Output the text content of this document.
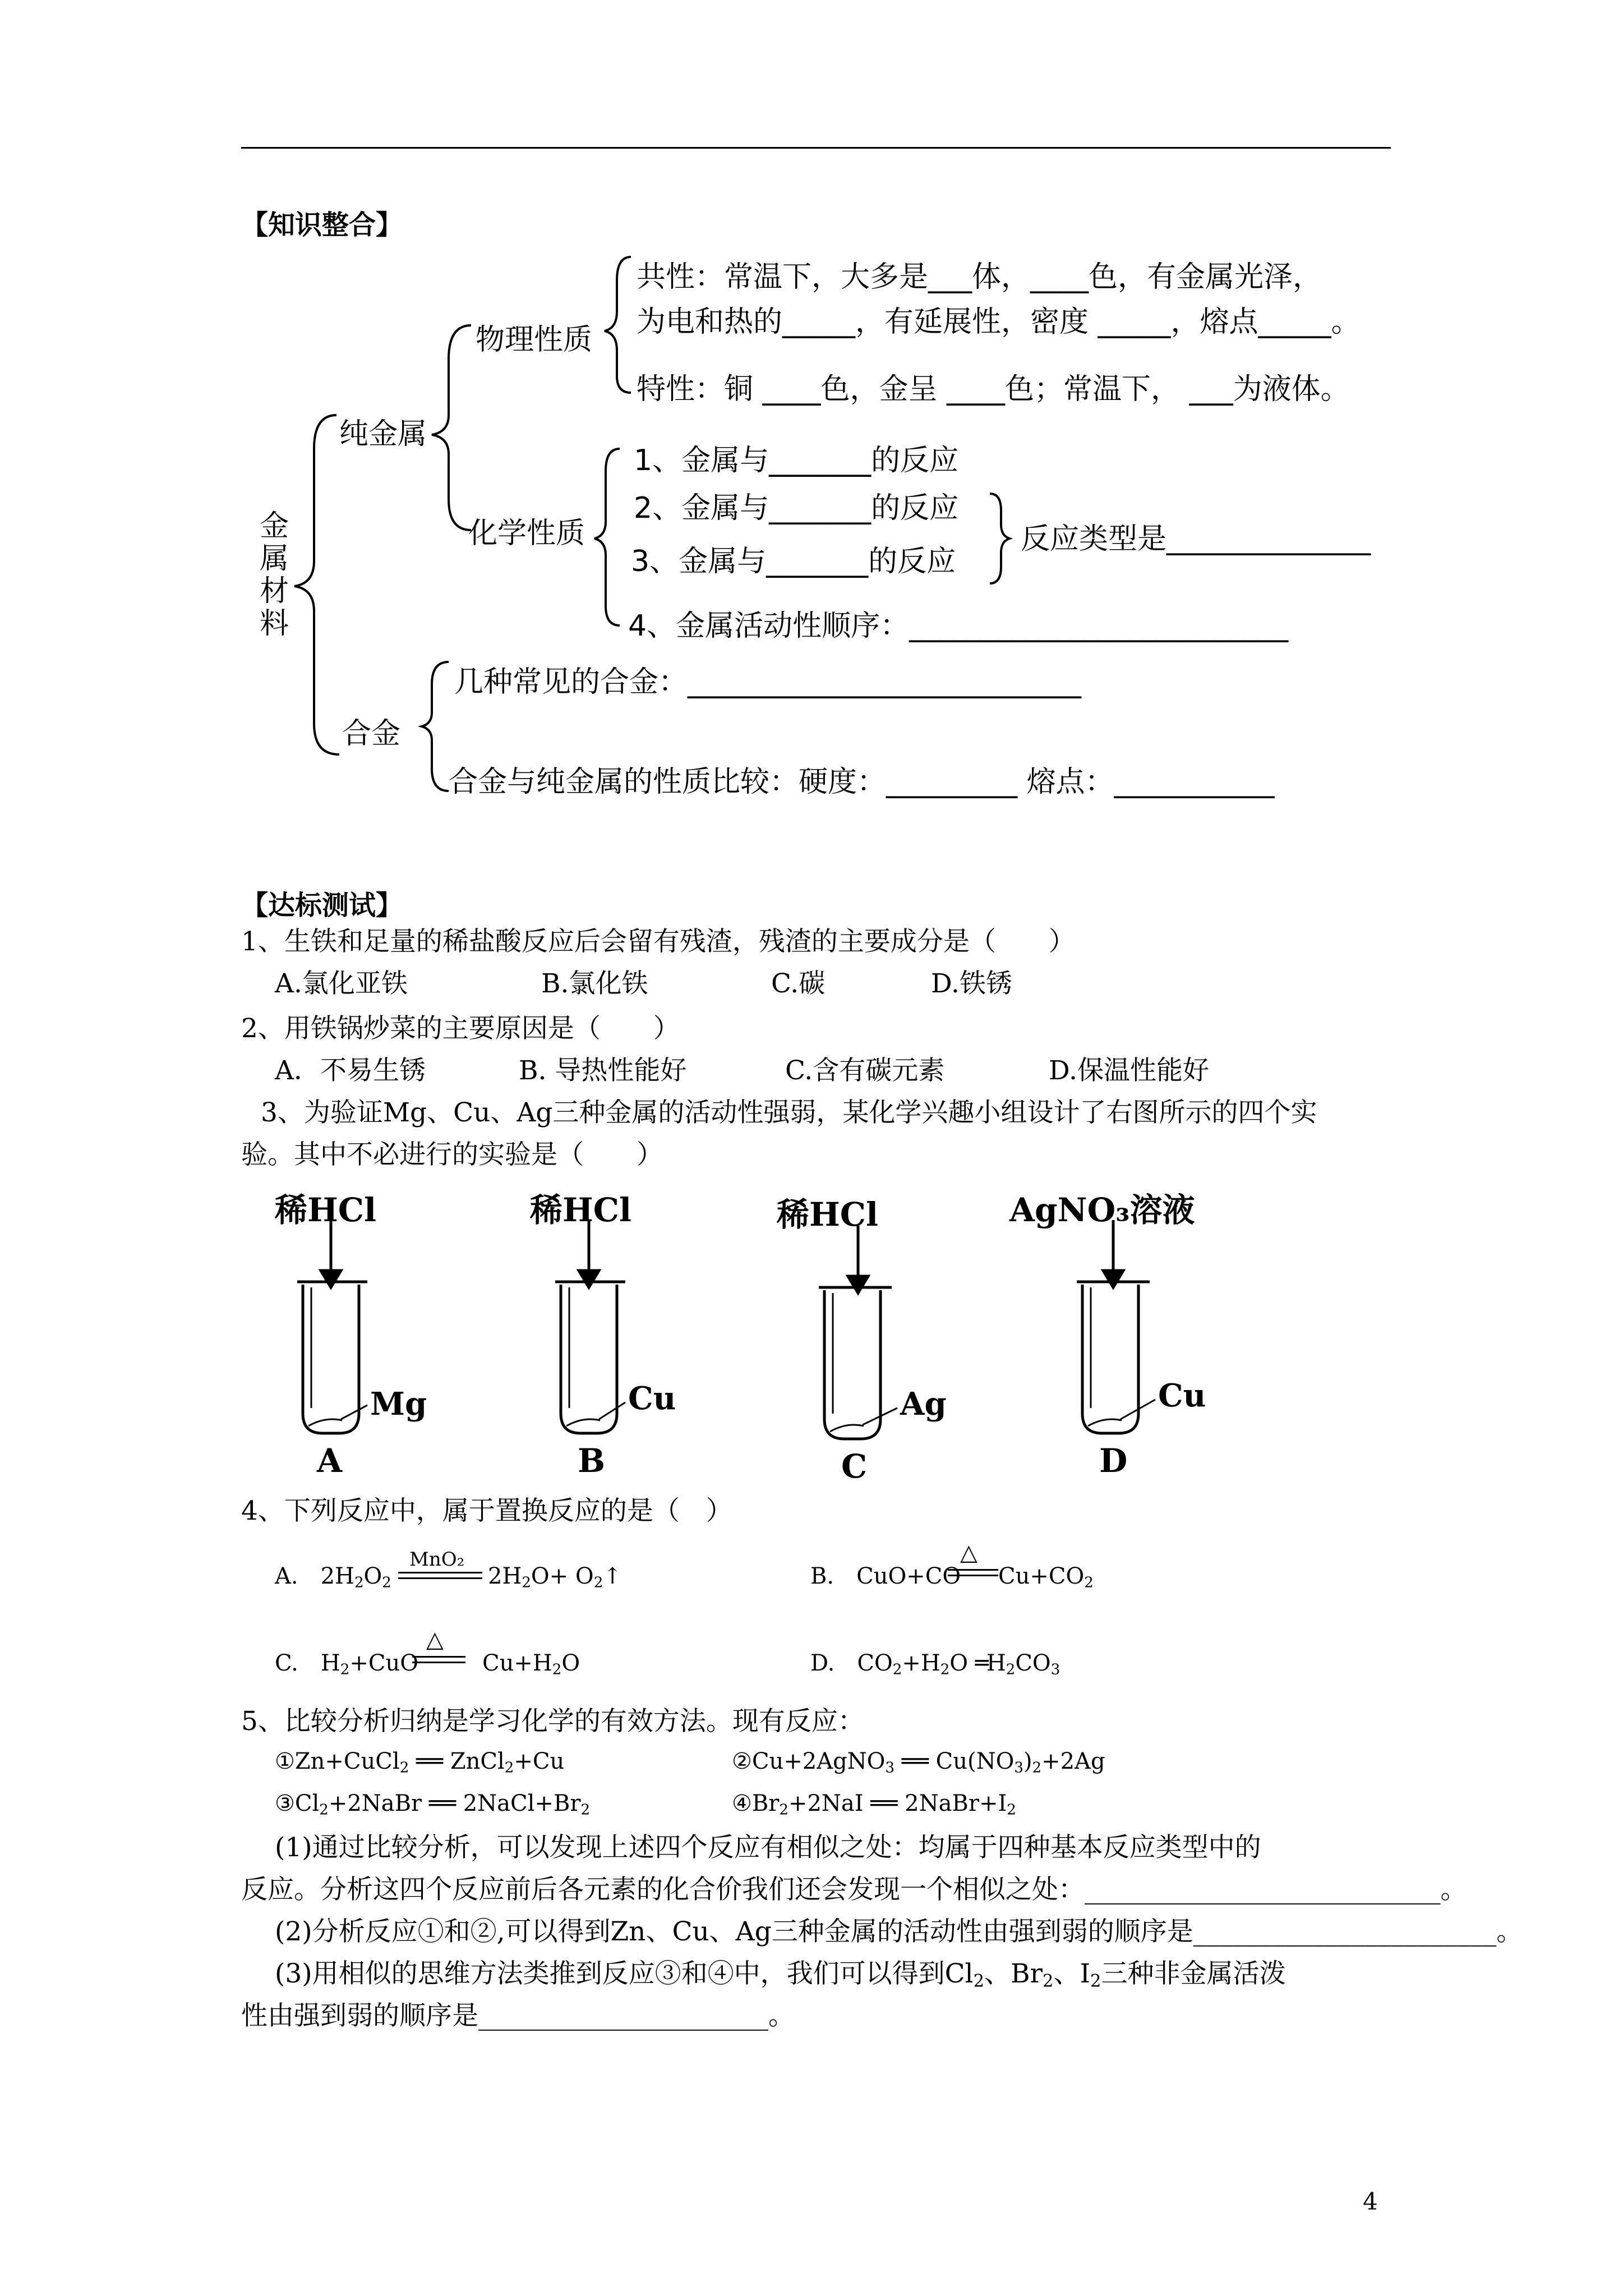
【知识整合】
金
属
材
料
纯金属
物理性质
共性：常温下，大多是___体，____色，有金属光泽，
为电和热的_____，有延展性，密度 _____，熔点_____。
特性：铜 ____色，金呈 ____色；常温下， ___为液体。
化学性质
1、金属与_______的反应
2、金属与_______的反应
3、金属与_______的反应
反应类型是______________
4、金属活动性顺序：__________________________
合金
几种常见的合金：___________________________
合金与纯金属的性质比较：硬度：_________ 熔点：___________
【达标测试】
1、生铁和足量的稀盐酸反应后会留有残渣，残渣的主要成分是（　　）
A.氯化亚铁	B.氯化铁	C.碳	D.铁锈
2、用铁锅炒菜的主要原因是（　　）
A．不易生锈	B. 导热性能好	C.含有碳元素	D.保温性能好
3、为验证Mg、Cu、Ag三种金属的活动性强弱，某化学兴趣小组设计了右图所示的四个实
验。其中不必进行的实验是（　　）
稀HCl	稀HCl	稀HCl	AgNO₃溶液
Mg	Cu	Ag	Cu
A	B	C	D
4、下列反应中，属于置换反应的是（　）
A.　$2H_2O_2$
MnO₂
$2H_2O+$ $O_2↑$	B.　CuO+CO
△
$Cu+CO_2$
C.　$H_2+CuO$
△
$Cu+H_2O$	D.　$CO_2+H_2O$ $═H_2CO_3$
5、比较分析归纳是学习化学的有效方法。现有反应：
①Zn+CuCl$_2$ ══ ZnCl$_2$+Cu	②Cu+2AgNO$_3$ ══ $Cu(NO_3)_2+2Ag$
$③Cl_2+2NaBr$ ══ $2NaCl+Br_2$	$④Br_2+2NaI$ ══ $2NaBr+I_2$
(1)通过比较分析，可以发现上述四个反应有相似之处：均属于四种基本反应类型中的
反应。分析这四个反应前后各元素的化合价我们还会发现一个相似之处：___________________________。
(2)分析反应①和②,可以得到Zn、Cu、Ag三种金属的活动性由强到弱的顺序是_______________________。
(3)用相似的思维方法类推到反应③和④中，我们可以得到$Cl_2$、$Br_2$、$I_2$三种非金属活泼
性由强到弱的顺序是______________________。
4
